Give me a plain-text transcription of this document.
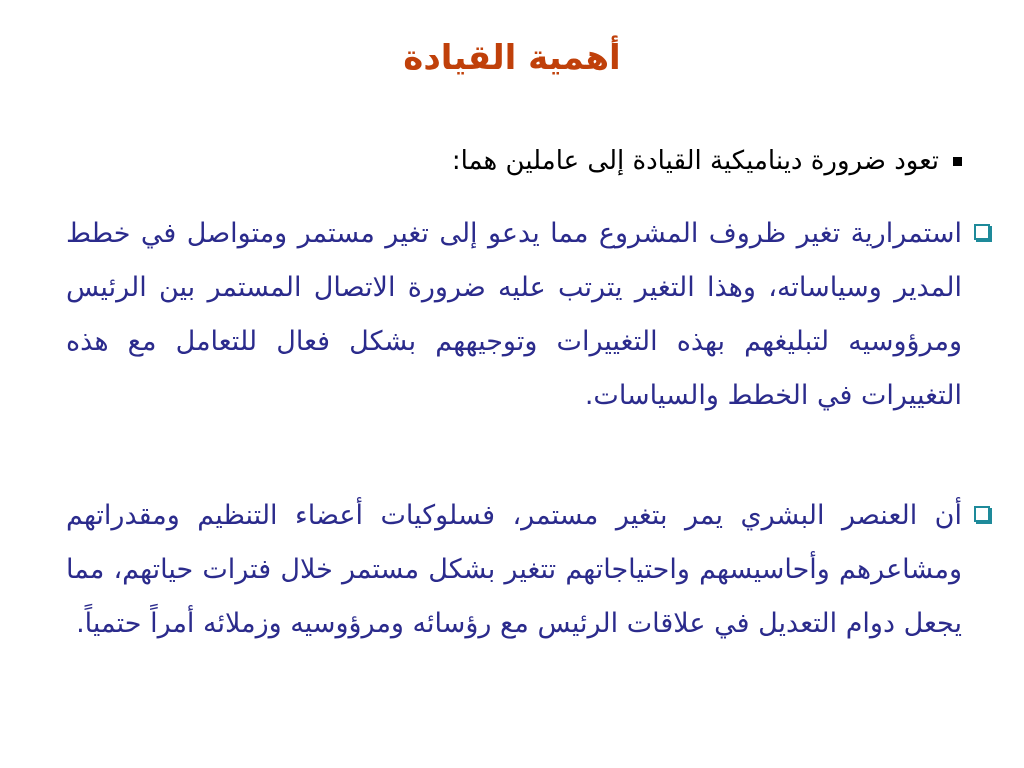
أهمية القيادة
تعود ضرورة ديناميكية القيادة إلى عاملين هما:
استمرارية تغير ظروف المشروع مما يدعو إلى تغير مستمر ومتواصل في خطط المدير وسياساته، وهذا التغير يترتب عليه ضرورة الاتصال المستمر بين الرئيس ومرؤوسيه لتبليغهم بهذه التغييرات وتوجيههم بشكل فعال للتعامل مع هذه التغييرات في الخطط والسياسات.
أن العنصر البشري يمر بتغير مستمر، فسلوكيات أعضاء التنظيم ومقدراتهم ومشاعرهم وأحاسيسهم واحتياجاتهم تتغير بشكل مستمر خلال فترات حياتهم، مما يجعل دوام التعديل في علاقات الرئيس مع رؤسائه ومرؤوسيه وزملائه أمراً حتمياً.
